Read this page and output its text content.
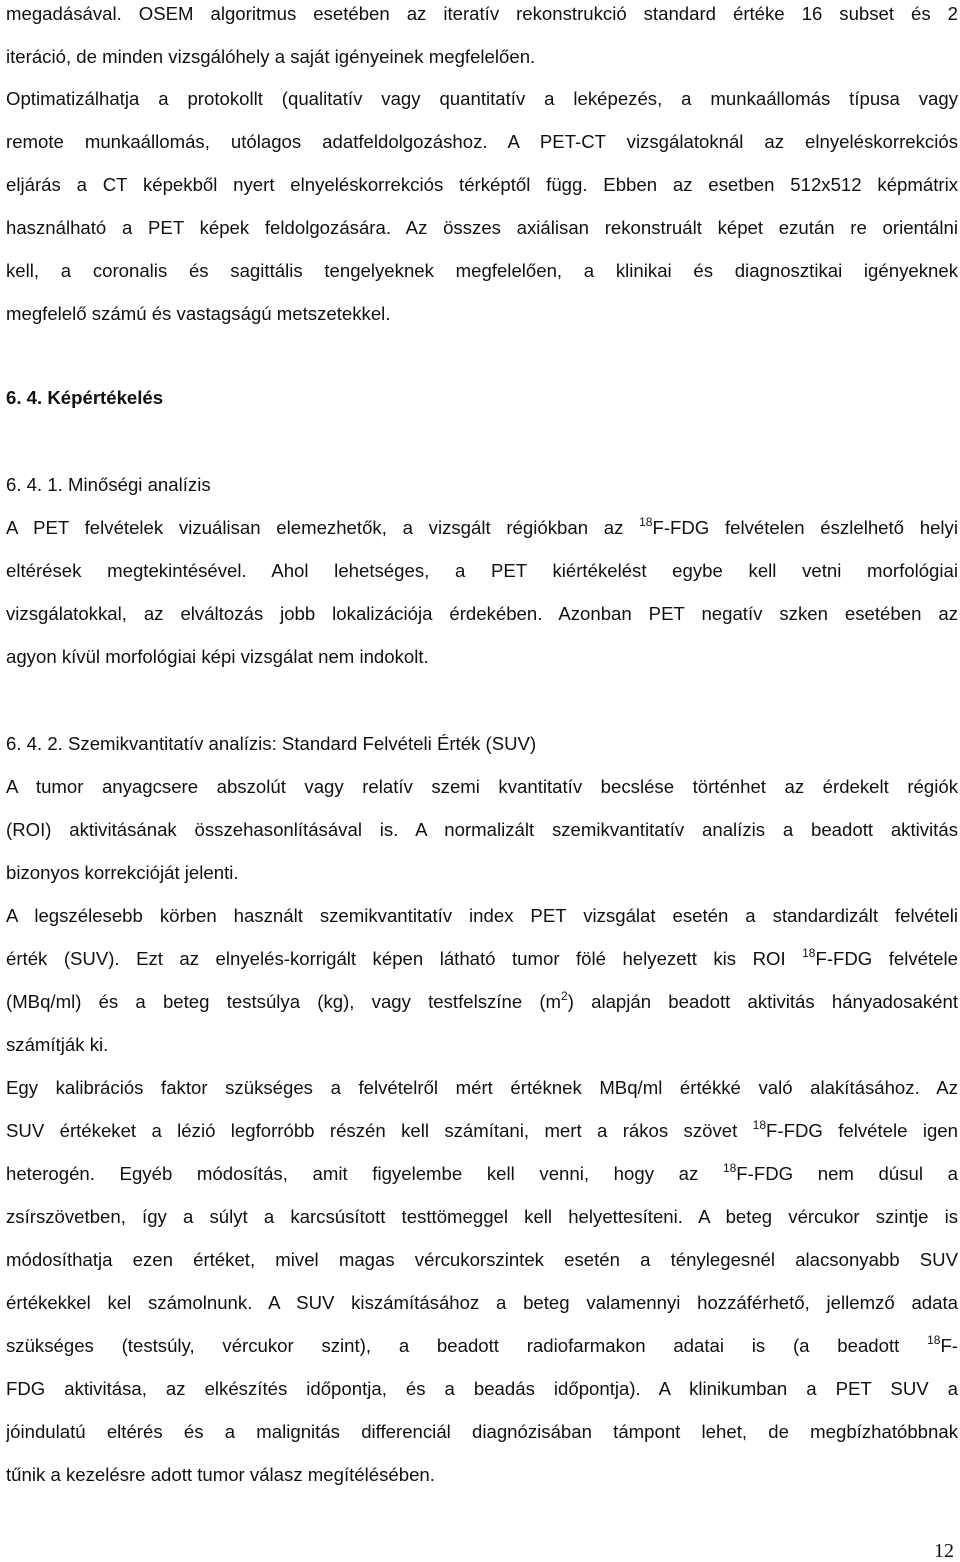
megadásával. OSEM algoritmus esetében az iteratív rekonstrukció standard értéke 16 subset és 2
iteráció, de minden vizsgálóhely a saját igényeinek megfelelően.
Optimatizálhatja a protokollt (qualitatív vagy quantitatív a leképezés, a munkaállomás típusa vagy
remote munkaállomás, utólagos adatfeldolgozáshoz. A PET-CT vizsgálatoknál az elnyeléskorrekciós
eljárás a CT képekből nyert elnyeléskorrekciós térképtől függ. Ebben az esetben 512x512 képmátrix
használható a PET képek feldolgozására. Az összes axiálisan rekonstruált képet ezután re orientálni
kell, a coronalis és sagittális tengelyeknek megfelelően, a klinikai és diagnosztikai igényeknek
megfelelő számú és vastagságú metszetekkel.
6. 4. Képértékelés
6. 4. 1. Minőségi analízis
A PET felvételek vizuálisan elemezhetők, a vizsgált régiókban az $^{18}$F-FDG felvételen észlelhető helyi
eltérések megtekintésével. Ahol lehetséges, a PET kiértékelést egybe kell vetni morfológiai
vizsgálatokkal, az elváltozás jobb lokalizációja érdekében. Azonban PET negatív szken esetében az
agyon kívül morfológiai képi vizsgálat nem indokolt.
6. 4. 2. Szemikvantitatív analízis: Standard Felvételi Érték (SUV)
A tumor anyagcsere abszolút vagy relatív szemi kvantitatív becslése történhet az érdekelt régiók
(ROI) aktivitásának összehasonlításával is. A normalizált szemikvantitatív analízis a beadott aktivitás
bizonyos korrekcióját jelenti.
A legszélesebb körben használt szemikvantitatív index PET vizsgálat esetén a standardizált felvételi
érték (SUV). Ezt az elnyelés-korrigált képen látható tumor fölé helyezett kis ROI $^{18}$F-FDG felvétele
(MBq/ml) és a beteg testsúlya (kg), vagy testfelszíne $(m^2)$ alapján beadott aktivitás hányadosaként
számítják ki.
Egy kalibrációs faktor szükséges a felvételről mért értéknek MBq/ml értékké való alakításához. Az
SUV értékeket a lézió legforróbb részén kell számítani, mert a rákos szövet $^{18}$F-FDG felvétele igen
heterogén. Egyéb módosítás, amit figyelembe kell venni, hogy az $^{18}$F-FDG nem dúsul a
zsírszövetben, így a súlyt a karcsúsított testtömeggel kell helyettesíteni. A beteg vércukor szintje is
módosíthatja ezen értéket, mivel magas vércukorszintek esetén a ténylegesnél alacsonyabb SUV
értékekkel kel számolnunk. A SUV kiszámításához a beteg valamennyi hozzáférhető, jellemző adata
szükséges (testsúly, vércukor szint), a beadott radiofarmakon adatai is (a beadott $^{18}$F-
FDG aktivitása, az elkészítés időpontja, és a beadás időpontja). A klinikumban a PET SUV a
jóindulatú eltérés és a malignitás differenciál diagnózisában támpont lehet, de megbízhatóbbnak
tűnik a kezelésre adott tumor válasz megítélésében.
12
